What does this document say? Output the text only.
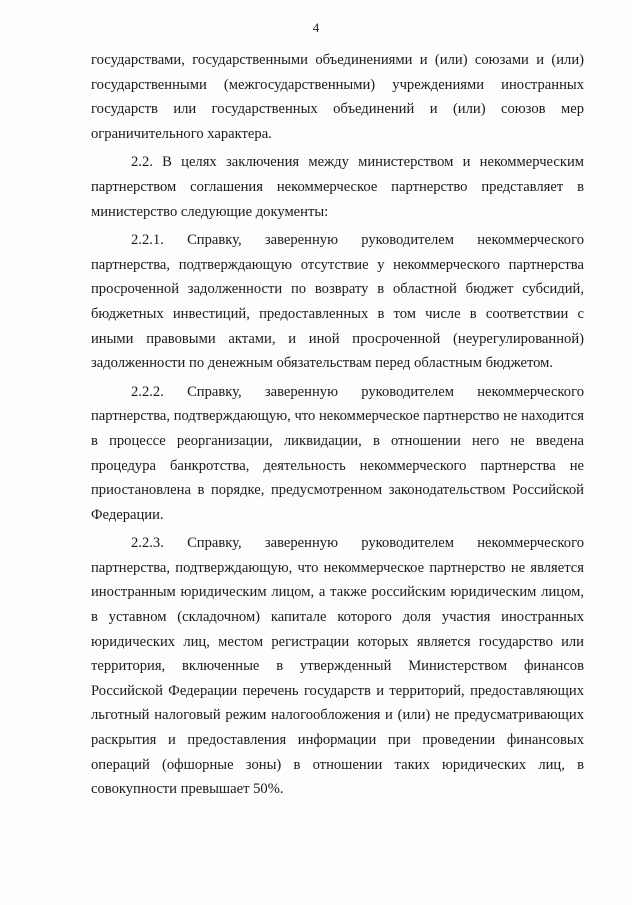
4

государствами, государственными объединениями и (или) союзами и (или) государственными (межгосударственными) учреждениями иностранных государств или государственных объединений и (или) союзов мер ограничительного характера.

2.2. В целях заключения между министерством и некоммерческим партнерством соглашения некоммерческое партнерство представляет в министерство следующие документы:

2.2.1. Справку, заверенную руководителем некоммерческого партнерства, подтверждающую отсутствие у некоммерческого партнерства просроченной задолженности по возврату в областной бюджет субсидий, бюджетных инвестиций, предоставленных в том числе в соответствии с иными правовыми актами, и иной просроченной (неурегулированной) задолженности по денежным обязательствам перед областным бюджетом.

2.2.2. Справку, заверенную руководителем некоммерческого партнерства, подтверждающую, что некоммерческое партнерство не находится в процессе реорганизации, ликвидации, в отношении него не введена процедура банкротства, деятельность некоммерческого партнерства не приостановлена в порядке, предусмотренном законодательством Российской Федерации.

2.2.3. Справку, заверенную руководителем некоммерческого партнерства, подтверждающую, что некоммерческое партнерство не является иностранным юридическим лицом, а также российским юридическим лицом, в уставном (складочном) капитале которого доля участия иностранных юридических лиц, местом регистрации которых является государство или территория, включенные в утвержденный Министерством финансов Российской Федерации перечень государств и территорий, предоставляющих льготный налоговый режим налогообложения и (или) не предусматривающих раскрытия и предоставления информации при проведении финансовых операций (офшорные зоны) в отношении таких юридических лиц, в совокупности превышает 50%.
